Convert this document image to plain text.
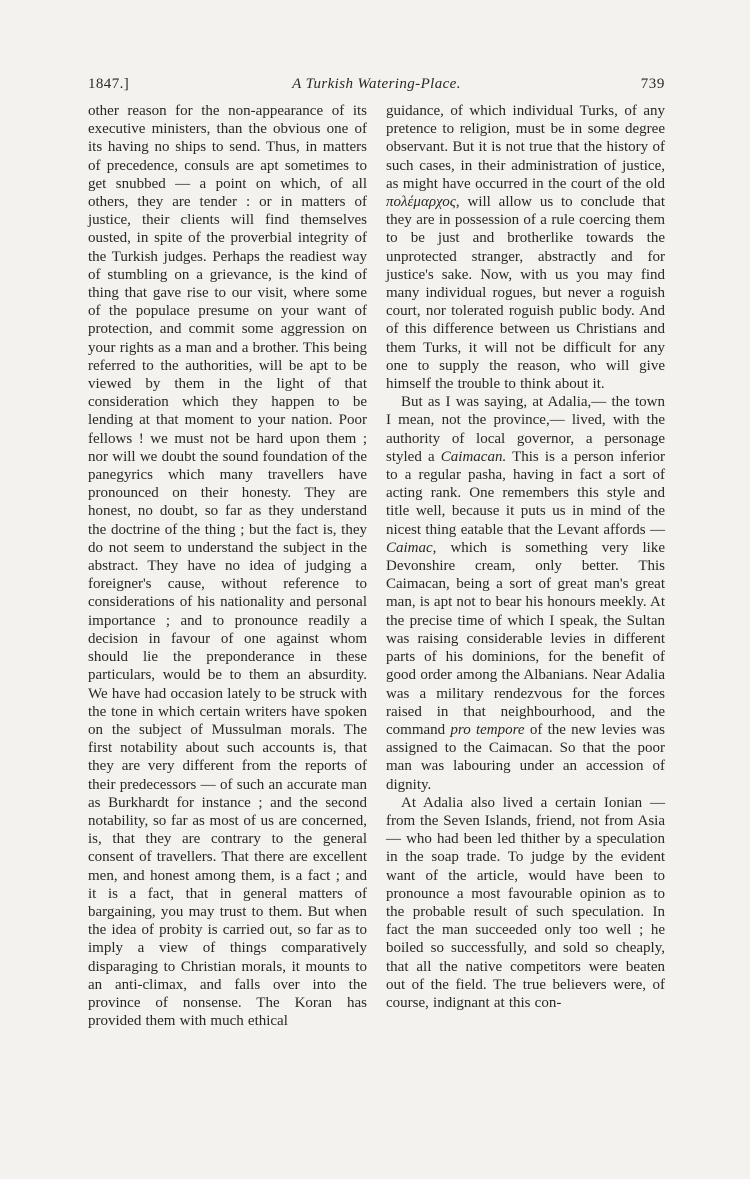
1847.]	A Turkish Watering-Place.	739

other reason for the non-appearance of its executive ministers, than the obvious one of its having no ships to send. Thus, in matters of precedence, consuls are apt sometimes to get snubbed — a point on which, of all others, they are tender : or in matters of justice, their clients will find themselves ousted, in spite of the proverbial integrity of the Turkish judges. Perhaps the readiest way of stumbling on a grievance, is the kind of thing that gave rise to our visit, where some of the populace presume on your want of protection, and commit some aggression on your rights as a man and a brother. This being referred to the authorities, will be apt to be viewed by them in the light of that consideration which they happen to be lending at that moment to your nation. Poor fellows ! we must not be hard upon them ; nor will we doubt the sound foundation of the panegyrics which many travellers have pronounced on their honesty. They are honest, no doubt, so far as they understand the doctrine of the thing ; but the fact is, they do not seem to understand the subject in the abstract. They have no idea of judging a foreigner's cause, without reference to considerations of his nationality and personal importance ; and to pronounce readily a decision in favour of one against whom should lie the preponderance in these particulars, would be to them an absurdity. We have had occasion lately to be struck with the tone in which certain writers have spoken on the subject of Mussulman morals. The first notability about such accounts is, that they are very different from the reports of their predecessors — of such an accurate man as Burkhardt for instance ; and the second notability, so far as most of us are concerned, is, that they are contrary to the general consent of travellers. That there are excellent men, and honest among them, is a fact ; and it is a fact, that in general matters of bargaining, you may trust to them. But when the idea of probity is carried out, so far as to imply a view of things comparatively disparaging to Christian morals, it mounts to an anti-climax, and falls over into the province of nonsense. The Koran has provided them with much ethical

guidance, of which individual Turks, of any pretence to religion, must be in some degree observant. But it is not true that the history of such cases, in their administration of justice, as might have occurred in the court of the old πολέμαρχος, will allow us to conclude that they are in possession of a rule coercing them to be just and brotherlike towards the unprotected stranger, abstractly and for justice's sake. Now, with us you may find many individual rogues, but never a roguish court, nor tolerated roguish public body. And of this difference between us Christians and them Turks, it will not be difficult for any one to supply the reason, who will give himself the trouble to think about it.

But as I was saying, at Adalia,— the town I mean, not the province,— lived, with the authority of local governor, a personage styled a Caimacan. This is a person inferior to a regular pasha, having in fact a sort of acting rank. One remembers this style and title well, because it puts us in mind of the nicest thing eatable that the Levant affords — Caimac, which is something very like Devonshire cream, only better. This Caimacan, being a sort of great man's great man, is apt not to bear his honours meekly. At the precise time of which I speak, the Sultan was raising considerable levies in different parts of his dominions, for the benefit of good order among the Albanians. Near Adalia was a military rendezvous for the forces raised in that neighbourhood, and the command pro tempore of the new levies was assigned to the Caimacan. So that the poor man was labouring under an accession of dignity.

At Adalia also lived a certain Ionian — from the Seven Islands, friend, not from Asia — who had been led thither by a speculation in the soap trade. To judge by the evident want of the article, would have been to pronounce a most favourable opinion as to the probable result of such speculation. In fact the man succeeded only too well ; he boiled so successfully, and sold so cheaply, that all the native competitors were beaten out of the field. The true believers were, of course, indignant at this con-
